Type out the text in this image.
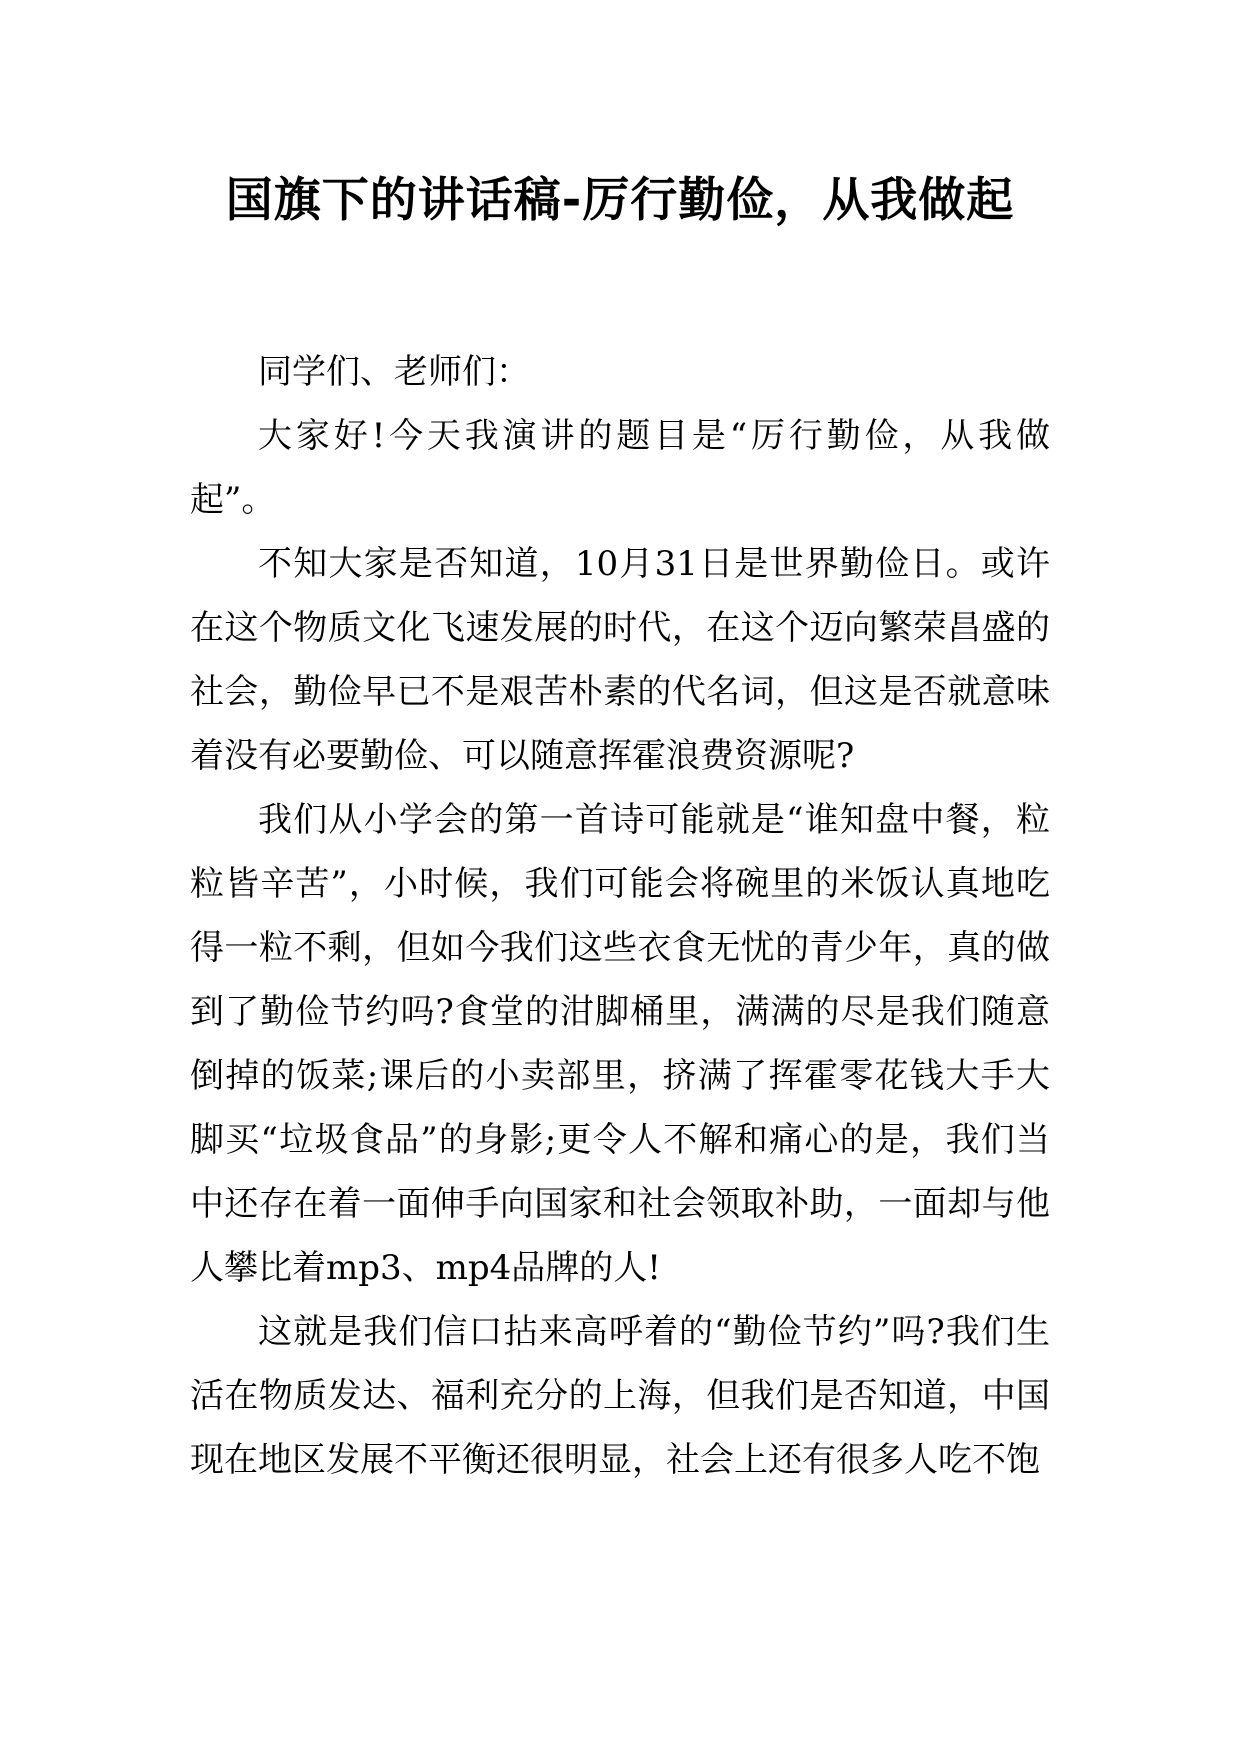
国旗下的讲话稿-厉行勤俭，从我做起

同学们、老师们：

大家好!今天我演讲的题目是“厉行勤俭，从我做起”。

不知大家是否知道，10月31日是世界勤俭日。或许在这个物质文化飞速发展的时代，在这个迈向繁荣昌盛的社会，勤俭早已不是艰苦朴素的代名词，但这是否就意味着没有必要勤俭、可以随意挥霍浪费资源呢?

我们从小学会的第一首诗可能就是“谁知盘中餐，粒粒皆辛苦”，小时候，我们可能会将碗里的米饭认真地吃得一粒不剩，但如今我们这些衣食无忧的青少年，真的做到了勤俭节约吗?食堂的泔脚桶里，满满的尽是我们随意倒掉的饭菜;课后的小卖部里，挤满了挥霍零花钱大手大脚买“垃圾食品”的身影;更令人不解和痛心的是，我们当中还存在着一面伸手向国家和社会领取补助，一面却与他人攀比着mp3、mp4品牌的人!

这就是我们信口拈来高呼着的“勤俭节约”吗?我们生活在物质发达、福利充分的上海，但我们是否知道，中国现在地区发展不平衡还很明显，社会上还有很多人吃不饱
